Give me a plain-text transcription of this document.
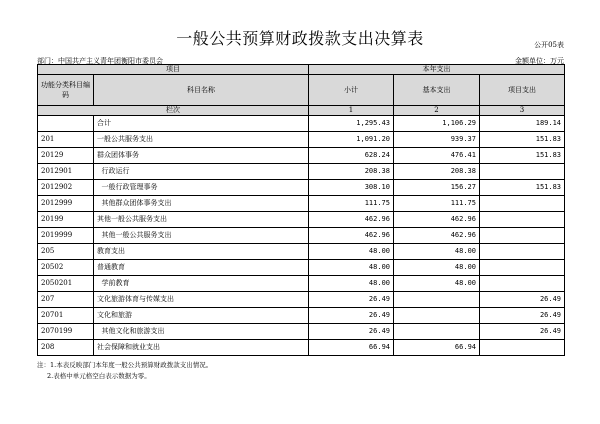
一般公共预算财政拨款支出决算表	公开05表
部门：中国共产主义青年团衡阳市委员会	金额单位：万元
项目		本年支出		
功能分类科目编码	科目名称	小计	基本支出	项目支出
栏次		1	2	3
	合计	1,295.43	1,106.29	189.14
201	一般公共服务支出	1,091.20	939.37	151.83
20129	群众团体事务	628.24	476.41	151.83
2012901	行政运行	208.38	208.38	
2012902	一般行政管理事务	308.10	156.27	151.83
2012999	其他群众团体事务支出	111.75	111.75	
20199	其他一般公共服务支出	462.96	462.96	
2019999	其他一般公共服务支出	462.96	462.96	
205	教育支出	48.00	48.00	
20502	普通教育	48.00	48.00	
2050201	学前教育	48.00	48.00	
207	文化旅游体育与传媒支出	26.49		26.49
20701	文化和旅游	26.49		26.49
2070199	其他文化和旅游支出	26.49		26.49
208	社会保障和就业支出	66.94	66.94	
注：1.本表反映部门本年度一般公共预算财政拨款支出情况。
2.表格中单元格空白表示数据为零。
